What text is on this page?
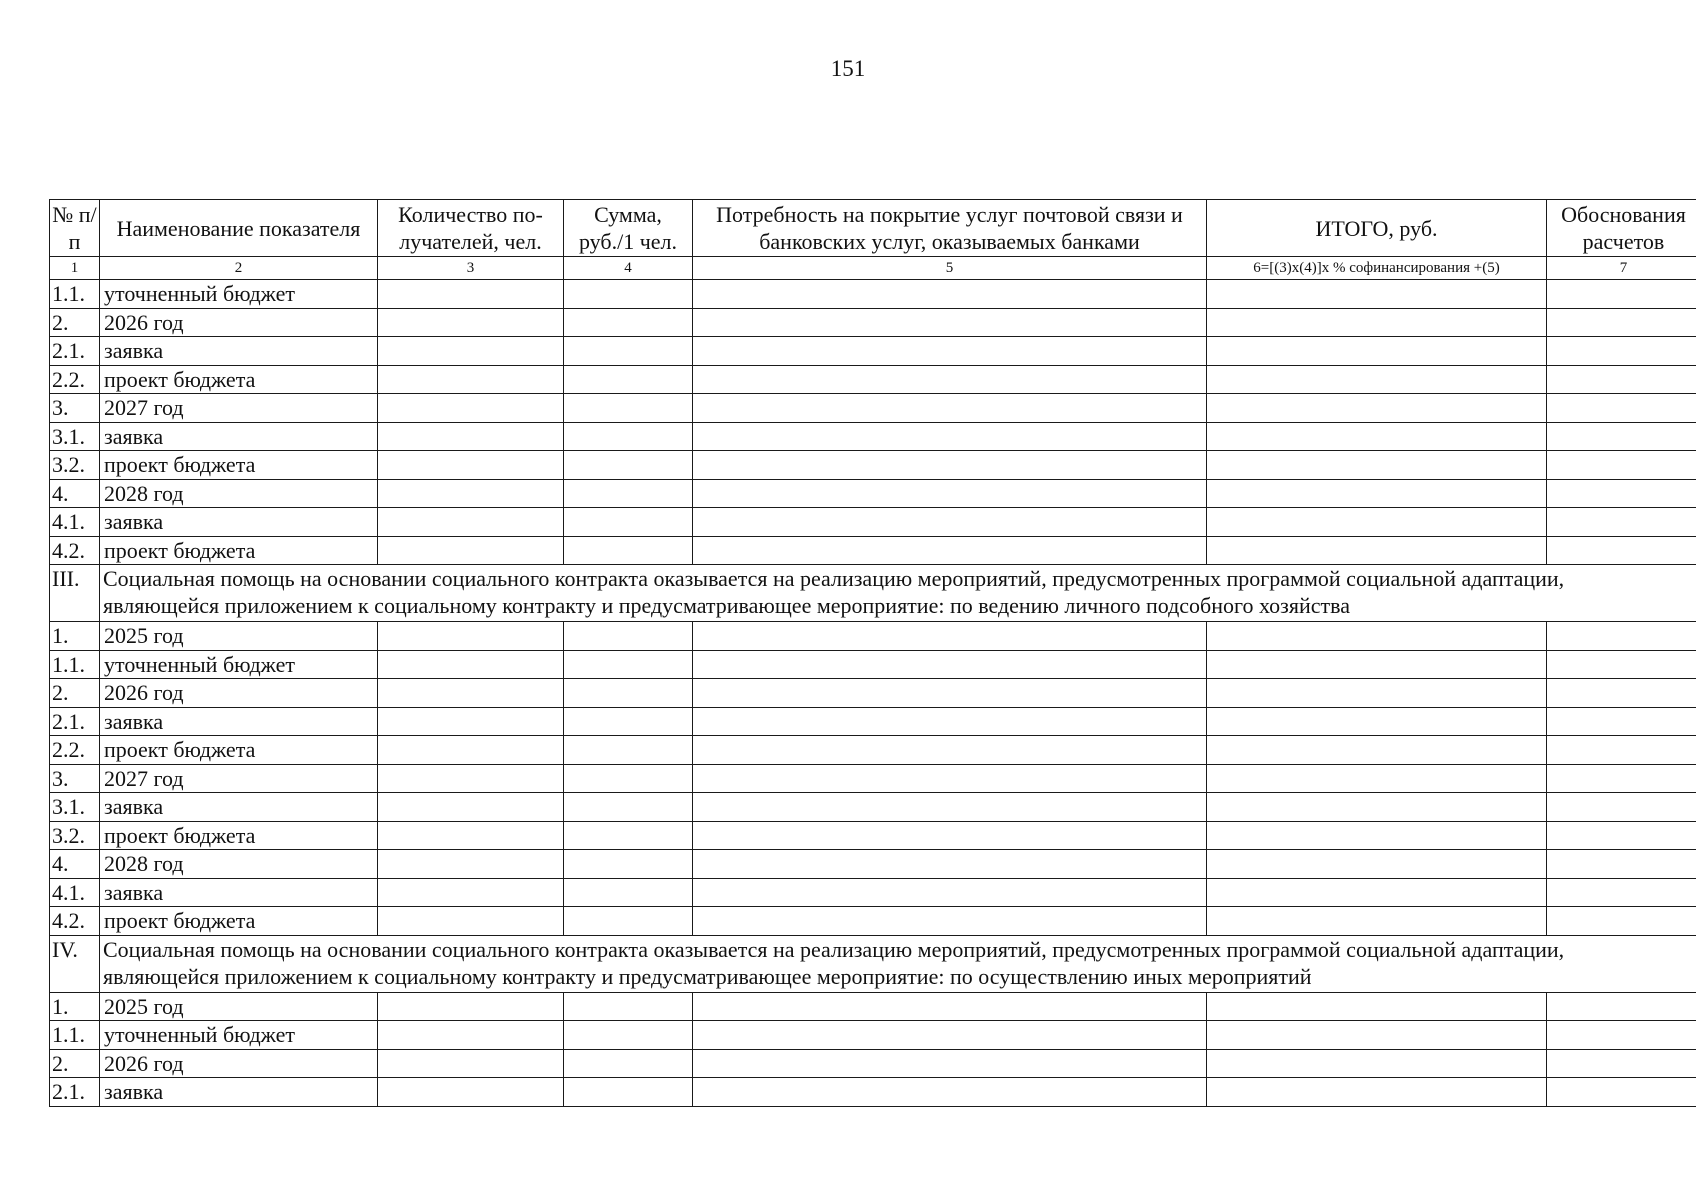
151
№ п/п	Наименование показателя	Количество по-лучателей, чел.	Сумма, руб./1 чел.	Потребность на покрытие услуг почтовой связи и банковских услуг, оказываемых банками	ИТОГО, руб.	Обоснования расчетов
1	2	3	4	5	6=[(3)х(4)]х % софинансирования +(5)	7
1.1.	уточненный бюджет					
2.	2026 год					
2.1.	заявка					
2.2.	проект бюджета					
3.	2027 год					
3.1.	заявка					
3.2.	проект бюджета					
4.	2028 год					
4.1.	заявка					
4.2.	проект бюджета					
III.	Социальная помощь на основании социального контракта оказывается на реализацию мероприятий, предусмотренных программой социальной адаптации, являющейся приложением к социальному контракту и предусматривающее мероприятие: по ведению личного подсобного хозяйства					
1.	2025 год					
1.1.	уточненный бюджет					
2.	2026 год					
2.1.	заявка					
2.2.	проект бюджета					
3.	2027 год					
3.1.	заявка					
3.2.	проект бюджета					
4.	2028 год					
4.1.	заявка					
4.2.	проект бюджета					
IV.	Социальная помощь на основании социального контракта оказывается на реализацию мероприятий, предусмотренных программой социальной адаптации, являющейся приложением к социальному контракту и предусматривающее мероприятие: по осуществлению иных мероприятий					
1.	2025 год					
1.1.	уточненный бюджет					
2.	2026 год					
2.1.	заявка					
